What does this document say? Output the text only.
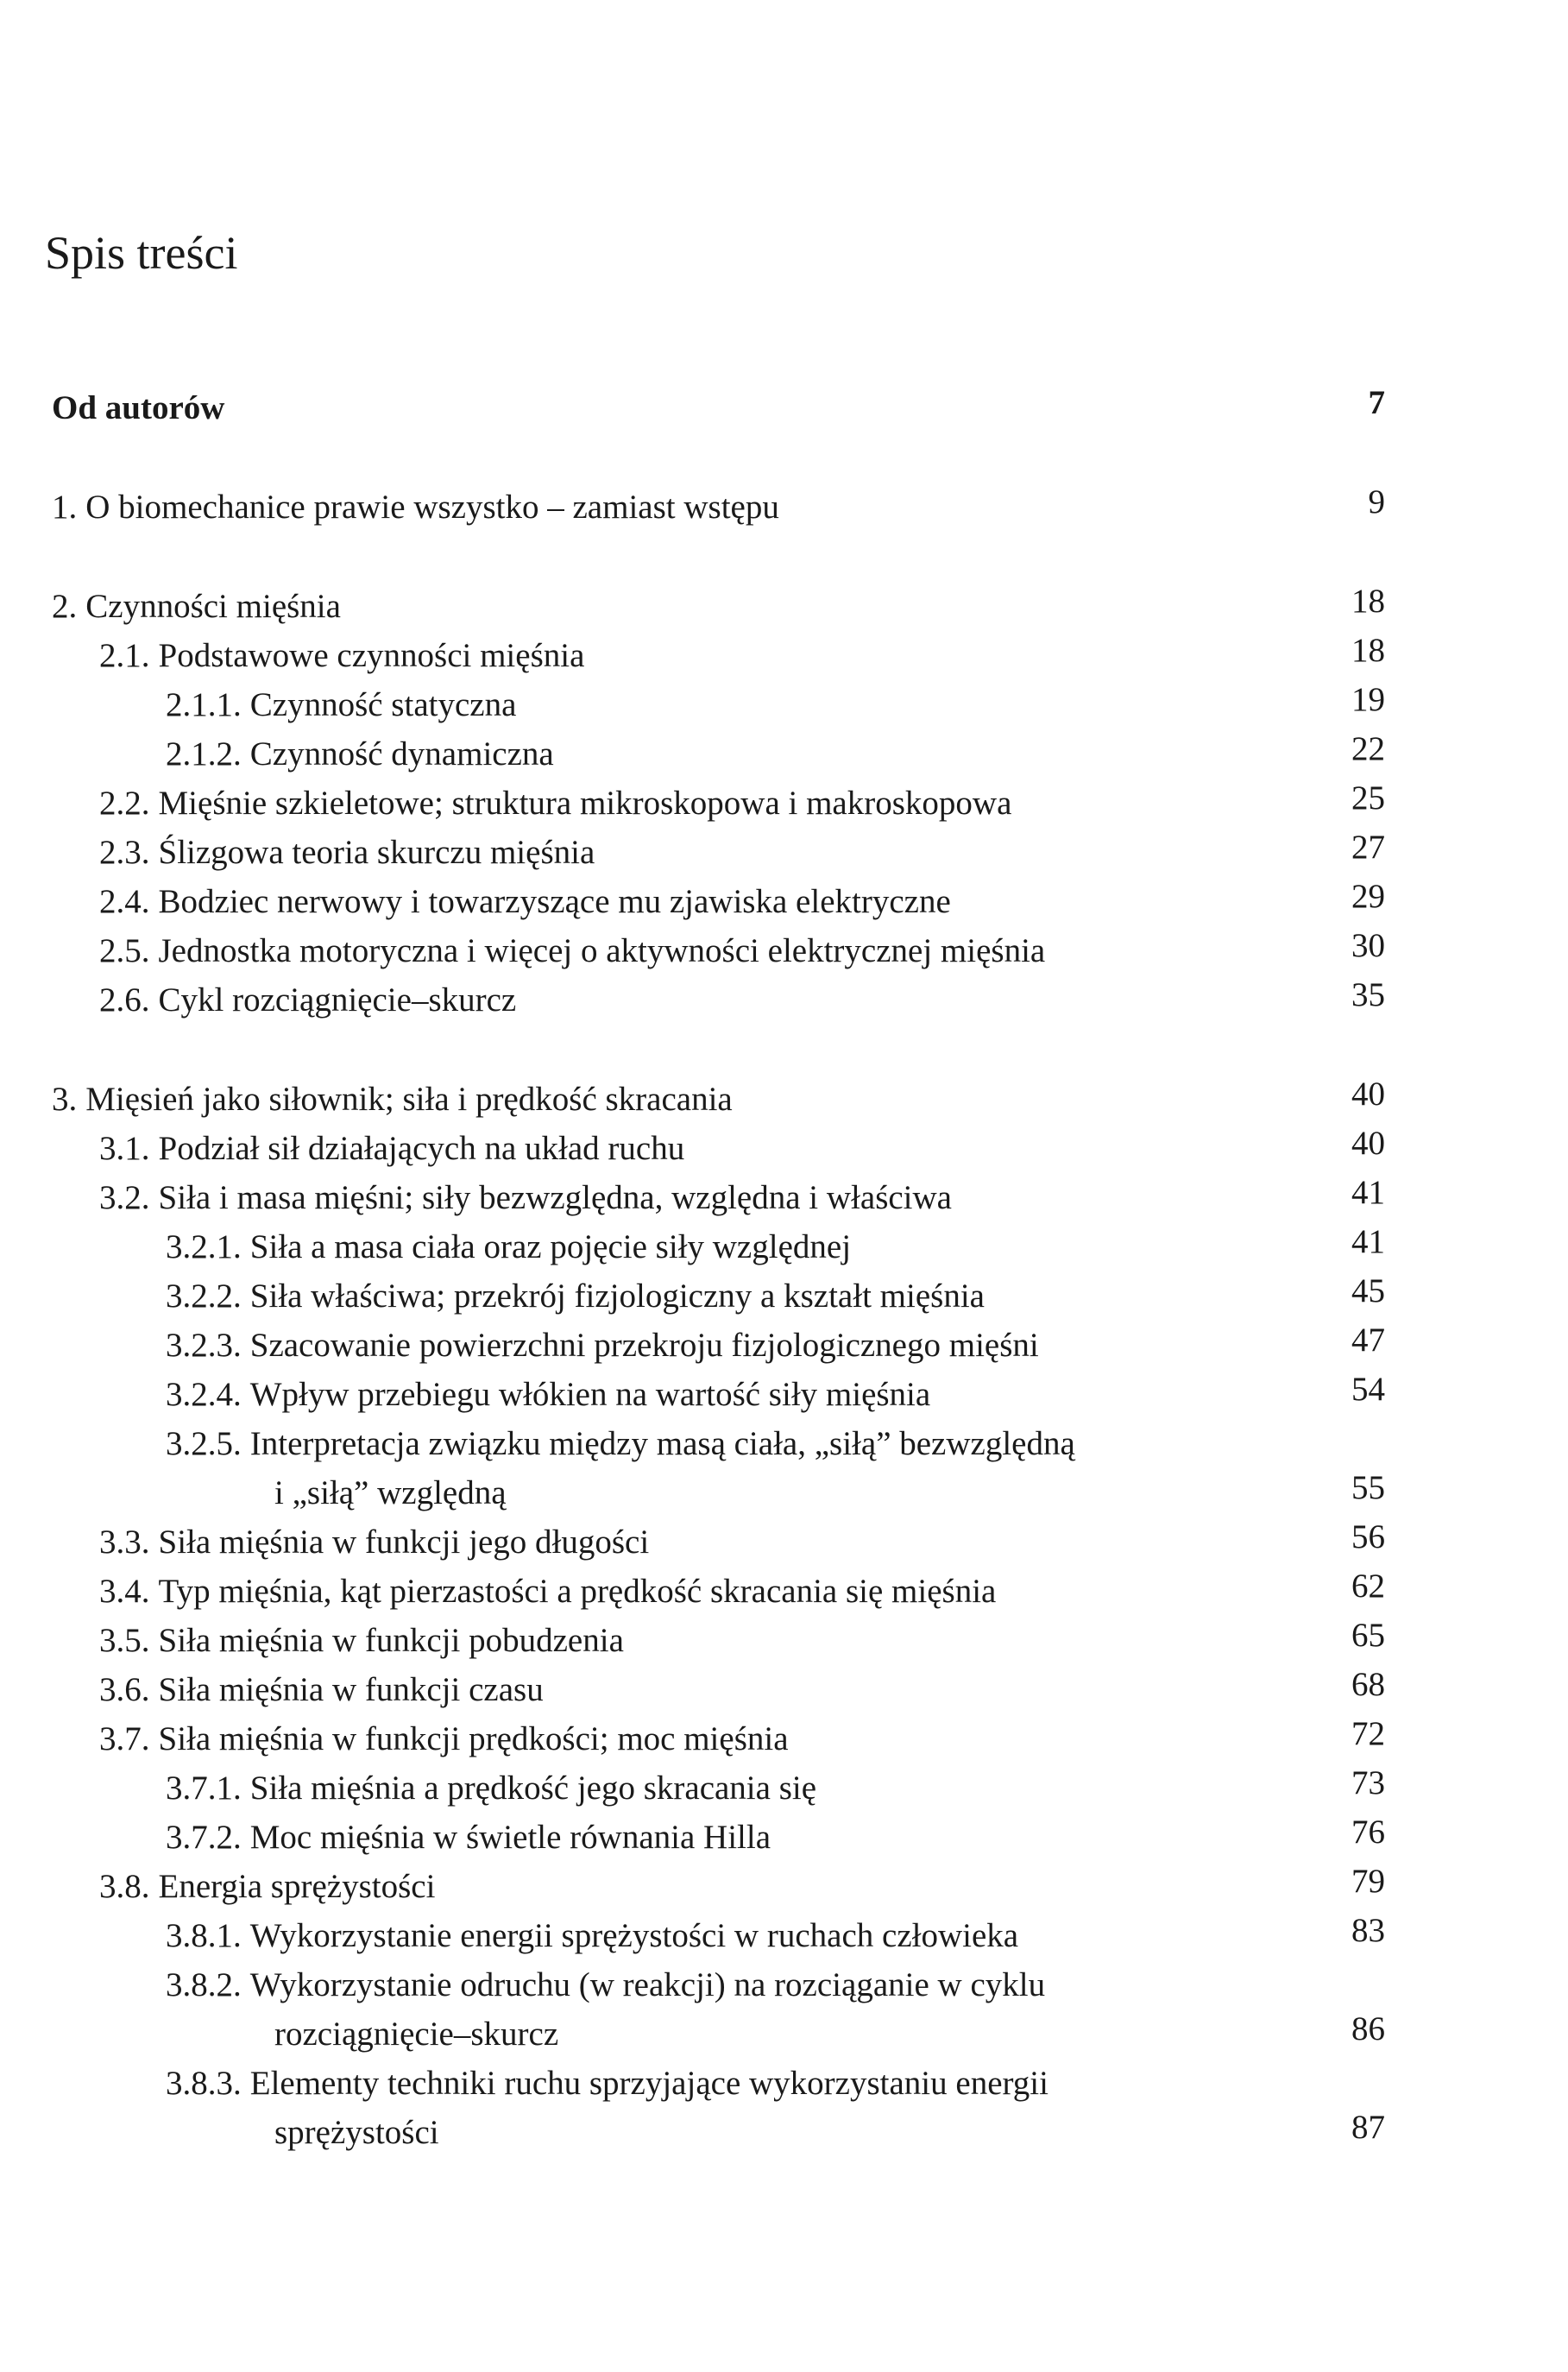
Spis treści
Od autorów	7
1. O biomechanice prawie wszystko – zamiast wstępu	9
2. Czynności mięśnia	18
2.1. Podstawowe czynności mięśnia	18
2.1.1. Czynność statyczna	19
2.1.2. Czynność dynamiczna	22
2.2. Mięśnie szkieletowe; struktura mikroskopowa i makroskopowa	25
2.3. Ślizgowa teoria skurczu mięśnia	27
2.4. Bodziec nerwowy i towarzyszące mu zjawiska elektryczne	29
2.5. Jednostka motoryczna i więcej o aktywności elektrycznej mięśnia	30
2.6. Cykl rozciągnięcie–skurcz	35
3. Mięsień jako siłownik; siła i prędkość skracania	40
3.1. Podział sił działających na układ ruchu	40
3.2. Siła i masa mięśni; siły bezwzględna, względna i właściwa	41
3.2.1. Siła a masa ciała oraz pojęcie siły względnej	41
3.2.2. Siła właściwa; przekrój fizjologiczny a kształt mięśnia	45
3.2.3. Szacowanie powierzchni przekroju fizjologicznego mięśni	47
3.2.4. Wpływ przebiegu włókien na wartość siły mięśnia	54
3.2.5. Interpretacja związku między masą ciała, „siłą” bezwzględną
i „siłą” względną	55
3.3. Siła mięśnia w funkcji jego długości	56
3.4. Typ mięśnia, kąt pierzastości a prędkość skracania się mięśnia	62
3.5. Siła mięśnia w funkcji pobudzenia	65
3.6. Siła mięśnia w funkcji czasu	68
3.7. Siła mięśnia w funkcji prędkości; moc mięśnia	72
3.7.1. Siła mięśnia a prędkość jego skracania się	73
3.7.2. Moc mięśnia w świetle równania Hilla	76
3.8. Energia sprężystości	79
3.8.1. Wykorzystanie energii sprężystości w ruchach człowieka	83
3.8.2. Wykorzystanie odruchu (w reakcji) na rozciąganie w cyklu
rozciągnięcie–skurcz	86
3.8.3. Elementy techniki ruchu sprzyjające wykorzystaniu energii
sprężystości	87
